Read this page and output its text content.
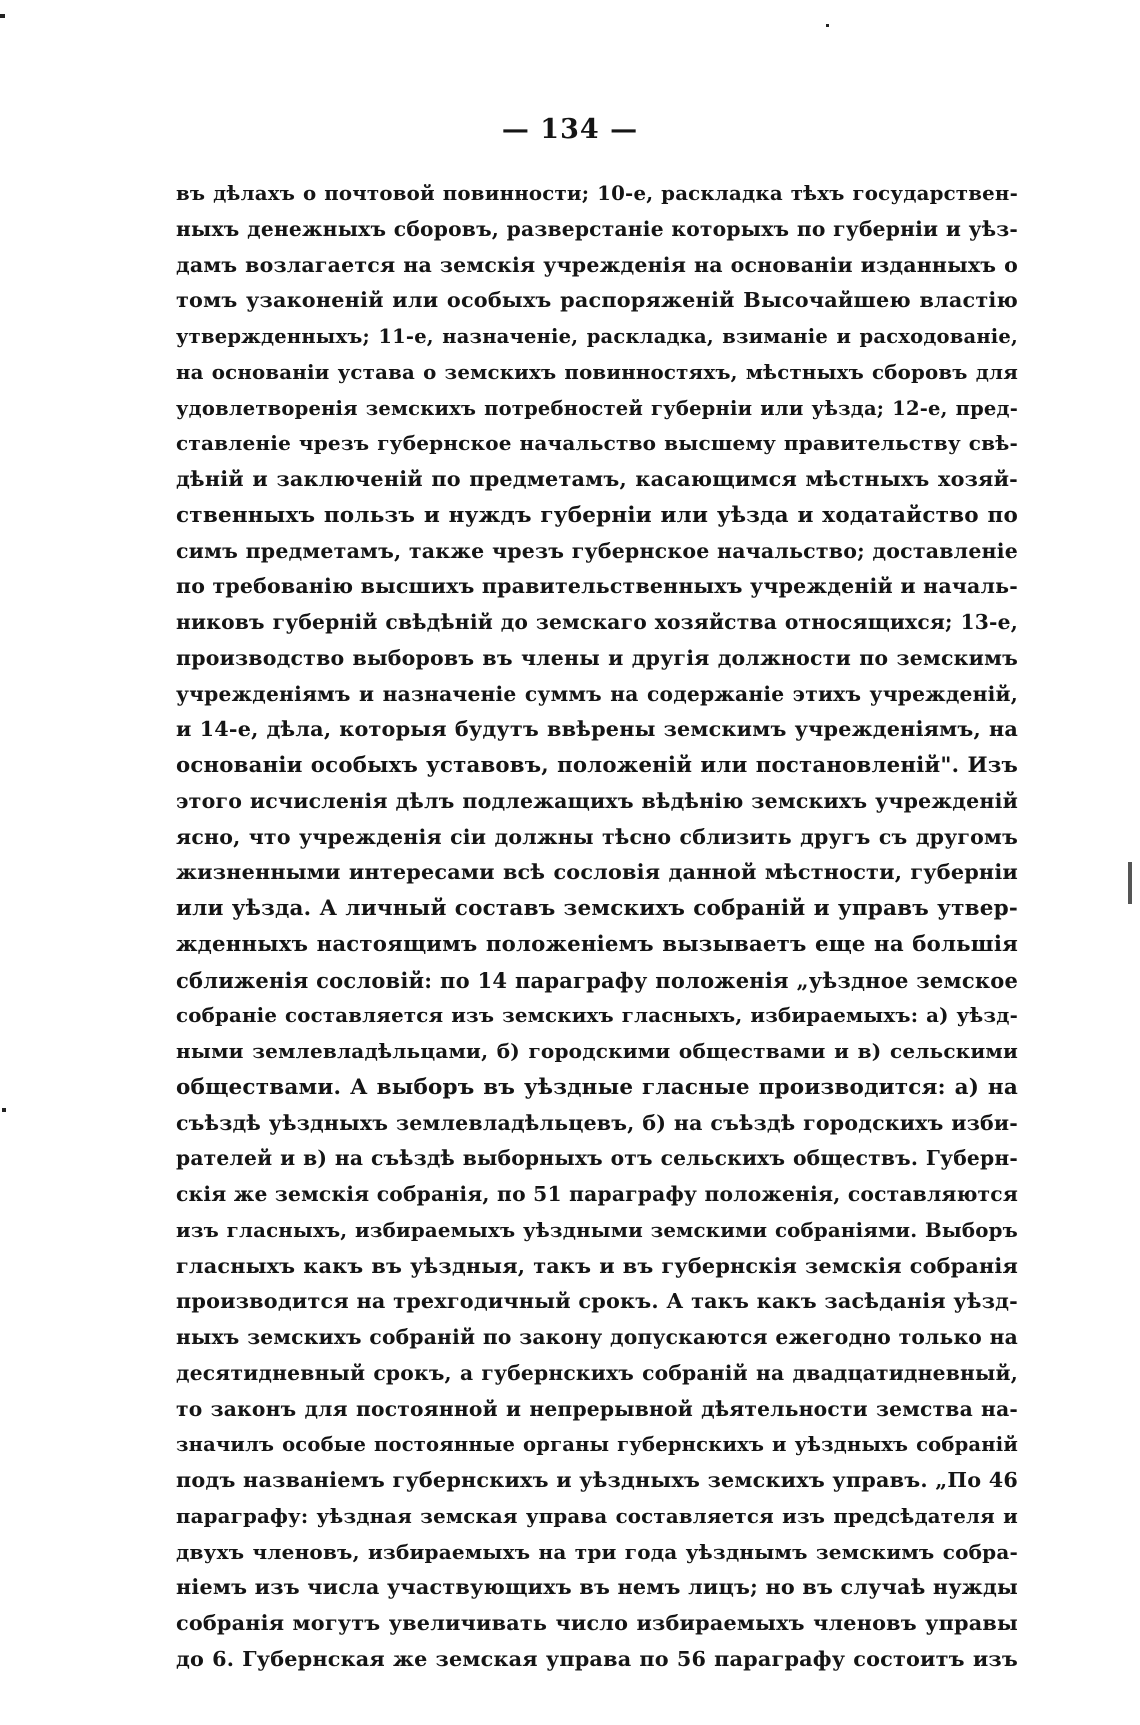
— 134 —
въ дѣлахъ о почтовой повинности; 10-е, раскладка тѣхъ государствен-
ныхъ денежныхъ сборовъ, разверстаніе которыхъ по губерніи и уѣз-
дамъ возлагается на земскія учрежденія на основаніи изданныхъ о
томъ узаконеній или особыхъ распоряженій Высочайшею властію
утвержденныхъ; 11-е, назначеніе, раскладка, взиманіе и расходованіе,
на основаніи устава о земскихъ повинностяхъ, мѣстныхъ сборовъ для
удовлетворенія земскихъ потребностей губерніи или уѣзда; 12-е, пред-
ставленіе чрезъ губернское начальство высшему правительству свѣ-
дѣній и заключеній по предметамъ, касающимся мѣстныхъ хозяй-
ственныхъ пользъ и нуждъ губерніи или уѣзда и ходатайство по
симъ предметамъ, также чрезъ губернское начальство; доставленіе
по требованію высшихъ правительственныхъ учрежденій и началь-
никовъ губерній свѣдѣній до земскаго хозяйства относящихся; 13-е,
производство выборовъ въ члены и другія должности по земскимъ
учрежденіямъ и назначеніе суммъ на содержаніе этихъ учрежденій,
и 14-е, дѣла, которыя будутъ ввѣрены земскимъ учрежденіямъ, на
основаніи особыхъ уставовъ, положеній или постановленій". Изъ
этого исчисленія дѣлъ подлежащихъ вѣдѣнію земскихъ учрежденій
ясно, что учрежденія сіи должны тѣсно сблизить другъ съ другомъ
жизненными интересами всѣ сословія данной мѣстности, губерніи
или уѣзда. А личный составъ земскихъ собраній и управъ утвер-
жденныхъ настоящимъ положеніемъ вызываетъ еще на большія
сближенія сословій: по 14 параграфу положенія „уѣздное земское
собраніе составляется изъ земскихъ гласныхъ, избираемыхъ: а) уѣзд-
ными землевладѣльцами, б) городскими обществами и в) сельскими
обществами. А выборъ въ уѣздные гласные производится: а) на
съѣздѣ уѣздныхъ землевладѣльцевъ, б) на съѣздѣ городскихъ изби-
рателей и в) на съѣздѣ выборныхъ отъ сельскихъ обществъ. Губерн-
скія же земскія собранія, по 51 параграфу положенія, составляются
изъ гласныхъ, избираемыхъ уѣздными земскими собраніями. Выборъ
гласныхъ какъ въ уѣздныя, такъ и въ губернскія земскія собранія
производится на трехгодичный срокъ. А такъ какъ засѣданія уѣзд-
ныхъ земскихъ собраній по закону допускаются ежегодно только на
десятидневный срокъ, а губернскихъ собраній на двадцатидневный,
то законъ для постоянной и непрерывной дѣятельности земства на-
значилъ особые постоянные органы губернскихъ и уѣздныхъ собраній
подъ названіемъ губернскихъ и уѣздныхъ земскихъ управъ. „По 46
параграфу: уѣздная земская управа составляется изъ предсѣдателя и
двухъ членовъ, избираемыхъ на три года уѣзднымъ земскимъ собра-
ніемъ изъ числа участвующихъ въ немъ лицъ; но въ случаѣ нужды
собранія могутъ увеличивать число избираемыхъ членовъ управы
до 6. Губернская же земская управа по 56 параграфу состоитъ изъ
